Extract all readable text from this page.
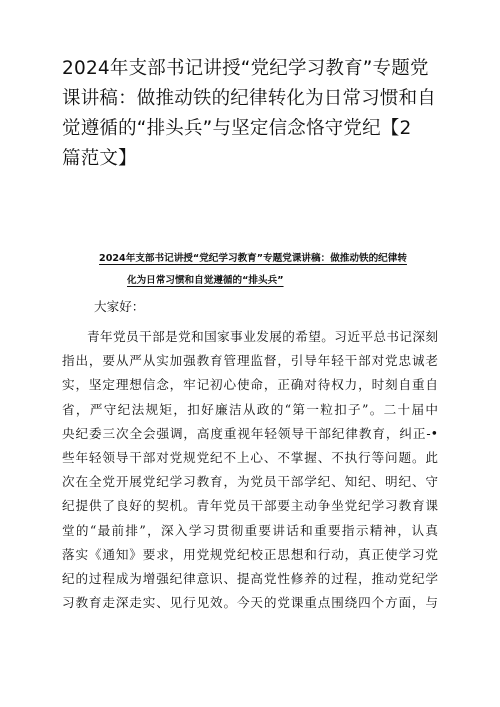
2024年支部书记讲授“党纪学习教育”专题党
课讲稿：做推动铁的纪律转化为日常习惯和自
觉遵循的“排头兵”与坚定信念恪守党纪【2
篇范文】
2024年支部书记讲授“党纪学习教育”专题党课讲稿：做推动铁的纪律转
化为日常习惯和自觉遵循的“排头兵”

大家好：

青年党员干部是党和国家事业发展的希望。习近平总书记深刻
指出，要从严从实加强教育管理监督，引导年轻干部对党忠诚老
实，坚定理想信念，牢记初心使命，正确对待权力，时刻自重自
省，严守纪法规矩，扣好廉洁从政的“第一粒扣子”。二十届中
央纪委三次全会强调，高度重视年轻领导干部纪律教育，纠正-•
些年轻领导干部对党规党纪不上心、不掌握、不执行等问题。此
次在全党开展党纪学习教育，为党员干部学纪、知纪、明纪、守
纪提供了良好的契机。青年党员干部要主动争坐党纪学习教育课
堂的“最前排”，深入学习贯彻重要讲话和重要指示精神，认真
落实《通知》要求，用党规党纪校正思想和行动，真正使学习党
纪的过程成为增强纪律意识、提高党性修养的过程，推动党纪学
习教育走深走实、见行见效。今天的党课重点围绕四个方面，与
